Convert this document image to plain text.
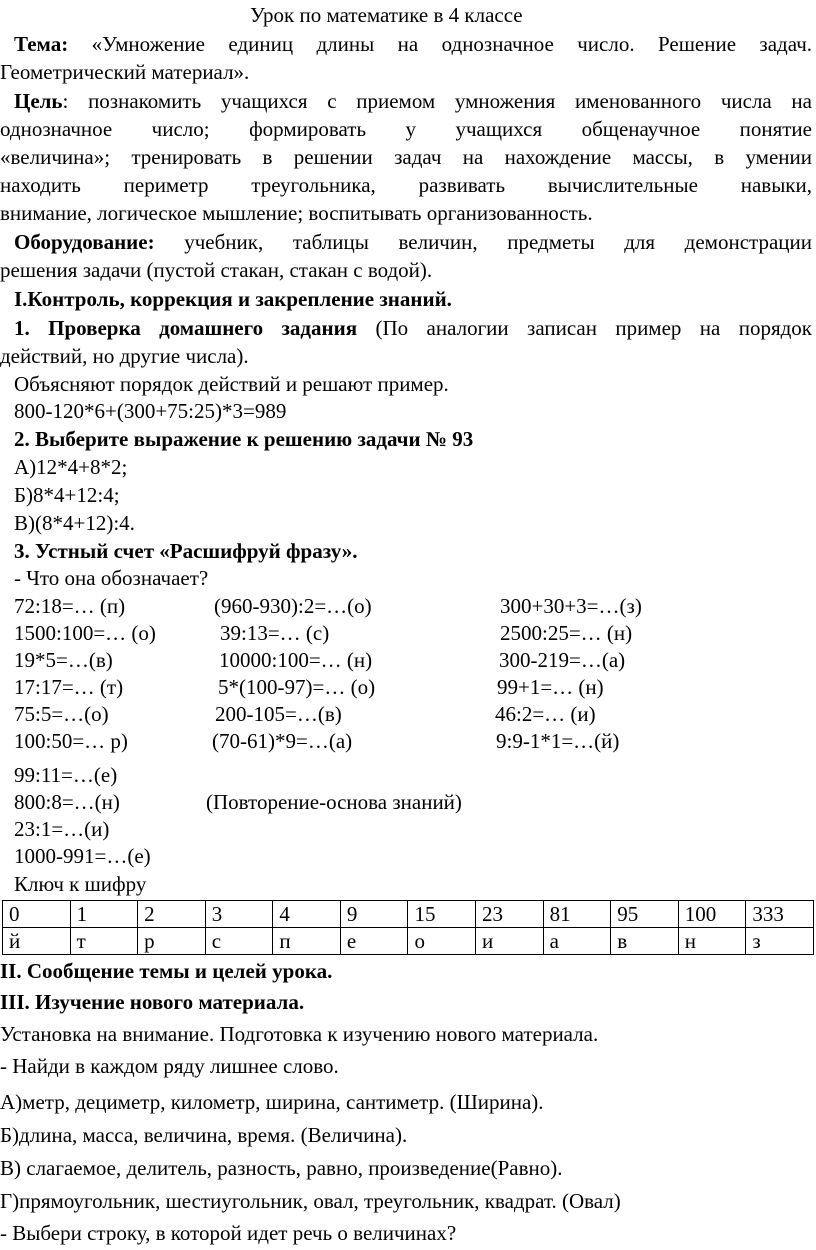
Урок по математике в 4 классе
Тема: «Умножение единиц длины на однозначное число. Решение задач.
Геометрический материал».
Цель: познакомить учащихся с приемом умножения именованного числа на
однозначное число; формировать у учащихся общенаучное понятие
«величина»; тренировать в решении задач на нахождение массы, в умении
находить периметр треугольника, развивать вычислительные навыки,
внимание, логическое мышление; воспитывать организованность.
Оборудование: учебник, таблицы величин, предметы для демонстрации
решения задачи (пустой стакан, стакан с водой).
I.Контроль, коррекция и закрепление знаний.
1. Проверка домашнего задания (По аналогии записан пример на порядок
действий, но другие числа).
Объясняют порядок действий и решают пример.
800-120*6+(300+75:25)*3=989
2. Выберите выражение к решению задачи № 93
А)12*4+8*2;
Б)8*4+12:4;
В)(8*4+12):4.
3. Устный счет «Расшифруй фразу».
- Что она обозначает?
72:18=… (п)	(960-930):2=…(о)	300+30+3=…(з)
1500:100=… (о)	39:13=… (с)	2500:25=… (н)
19*5=…(в)	10000:100=… (н)	300-219=…(а)
17:17=… (т)	5*(100-97)=… (о)	99+1=… (н)
75:5=…(о)	200-105=…(в)	46:2=… (и)
100:50=… р)	(70-61)*9=…(а)	9:9-1*1=…(й)
99:11=…(е)
800:8=…(н)	(Повторение-основа знаний)
23:1=…(и)
1000-991=…(е)
Ключ к шифру
0	1	2	3	4	9	15	23	81	95	100	333
й	т	р	с	п	е	о	и	а	в	н	з
II. Сообщение темы и целей урока.
III. Изучение нового материала.
Установка на внимание. Подготовка к изучению нового материала.
- Найди в каждом ряду лишнее слово.
А)метр, дециметр, километр, ширина, сантиметр. (Ширина).
Б)длина, масса, величина, время. (Величина).
В) слагаемое, делитель, разность, равно, произведение(Равно).
Г)прямоугольник, шестиугольник, овал, треугольник, квадрат. (Овал)
- Выбери строку, в которой идет речь о величинах?
